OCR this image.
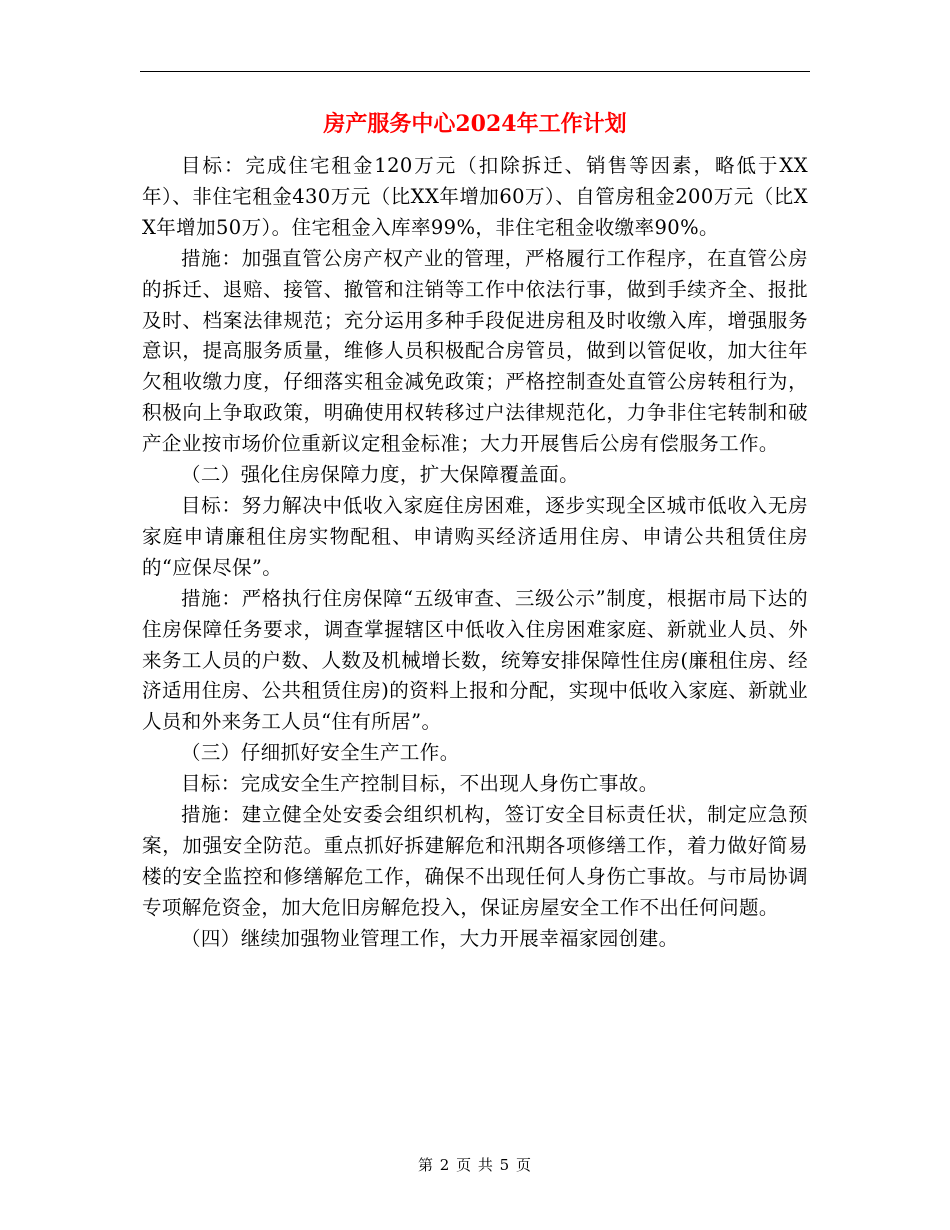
房产服务中心2024年工作计划

目标：完成住宅租金120万元（扣除拆迁、销售等因素，略低于XX年）、非住宅租金430万元（比XX年增加60万）、自管房租金200万元（比XX年增加50万）。住宅租金入库率99%，非住宅租金收缴率90%。

措施：加强直管公房产权产业的管理，严格履行工作程序，在直管公房的拆迁、退赔、接管、撤管和注销等工作中依法行事，做到手续齐全、报批及时、档案法律规范；充分运用多种手段促进房租及时收缴入库，增强服务意识，提高服务质量，维修人员积极配合房管员，做到以管促收，加大往年欠租收缴力度，仔细落实租金减免政策；严格控制查处直管公房转租行为，积极向上争取政策，明确使用权转移过户法律规范化，力争非住宅转制和破产企业按市场价位重新议定租金标准；大力开展售后公房有偿服务工作。

（二）强化住房保障力度，扩大保障覆盖面。

目标：努力解决中低收入家庭住房困难，逐步实现全区城市低收入无房家庭申请廉租住房实物配租、申请购买经济适用住房、申请公共租赁住房的“应保尽保”。

措施：严格执行住房保障“五级审查、三级公示”制度，根据市局下达的住房保障任务要求，调查掌握辖区中低收入住房困难家庭、新就业人员、外来务工人员的户数、人数及机械增长数，统筹安排保障性住房(廉租住房、经济适用住房、公共租赁住房)的资料上报和分配，实现中低收入家庭、新就业人员和外来务工人员“住有所居”。

（三）仔细抓好安全生产工作。

目标：完成安全生产控制目标，不出现人身伤亡事故。

措施：建立健全处安委会组织机构，签订安全目标责任状，制定应急预案，加强安全防范。重点抓好拆建解危和汛期各项修缮工作，着力做好简易楼的安全监控和修缮解危工作，确保不出现任何人身伤亡事故。与市局协调专项解危资金，加大危旧房解危投入，保证房屋安全工作不出任何问题。

（四）继续加强物业管理工作，大力开展幸福家园创建。

第 2 页 共 5 页
